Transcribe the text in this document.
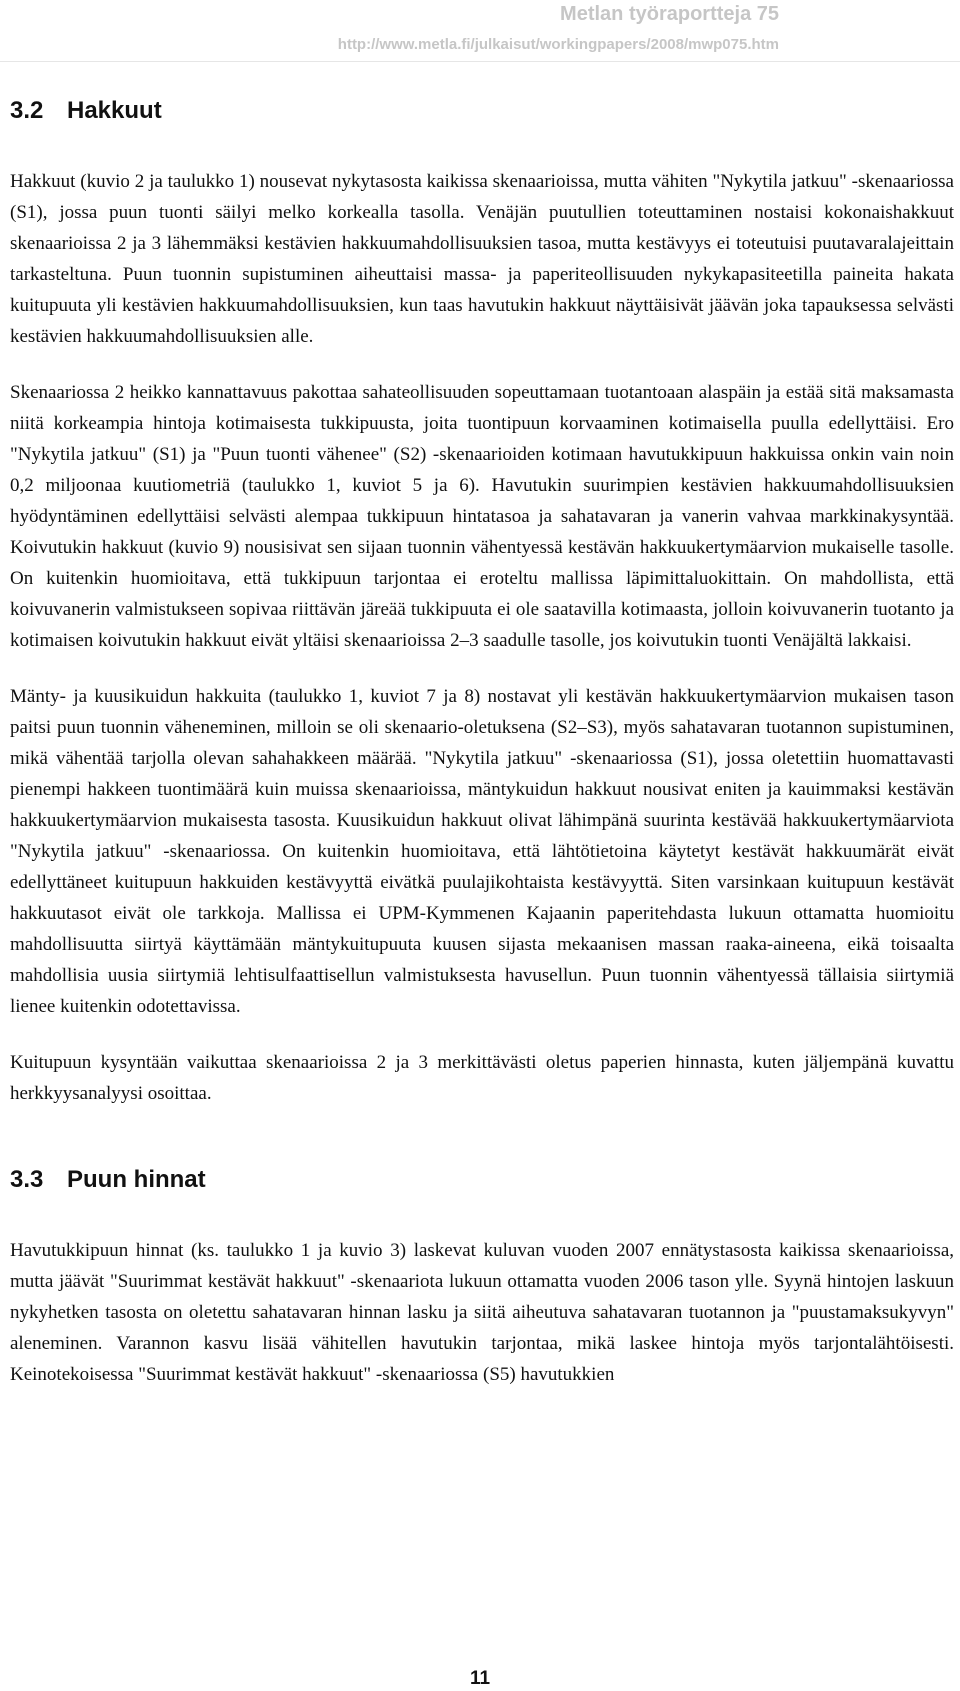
Metlan työraportteja 75
http://www.metla.fi/julkaisut/workingpapers/2008/mwp075.htm
3.2 Hakkuut

Hakkuut (kuvio 2 ja taulukko 1) nousevat nykytasosta kaikissa skenaarioissa, mutta vähiten "Nykytila jatkuu" -skenaariossa (S1), jossa puun tuonti säilyi melko korkealla tasolla. Venäjän puutullien toteuttaminen nostaisi kokonaishakkuut skenaarioissa 2 ja 3 lähemmäksi kestävien hakkuumahdollisuuksien tasoa, mutta kestävyys ei toteutuisi puutavaralajeittain tarkasteltuna. Puun tuonnin supistuminen aiheuttaisi massa- ja paperiteollisuuden nykykapasiteetilla paineita hakata kuitupuuta yli kestävien hakkuumahdollisuuksien, kun taas havutukin hakkuut näyttäisivät jäävän joka tapauksessa selvästi kestävien hakkuumahdollisuuksien alle.

Skenaariossa 2 heikko kannattavuus pakottaa sahateollisuuden sopeuttamaan tuotantoaan alaspäin ja estää sitä maksamasta niitä korkeampia hintoja kotimaisesta tukkipuusta, joita tuontipuun korvaaminen kotimaisella puulla edellyttäisi. Ero "Nykytila jatkuu" (S1) ja "Puun tuonti vähenee" (S2) -skenaarioiden kotimaan havutukkipuun hakkuissa onkin vain noin 0,2 miljoonaa kuutiometriä (taulukko 1, kuviot 5 ja 6). Havutukin suurimpien kestävien hakkuumahdollisuuksien hyödyntäminen edellyttäisi selvästi alempaa tukkipuun hintatasoa ja sahatavaran ja vanerin vahvaa markkinakysyntää. Koivutukin hakkuut (kuvio 9) nousisivat sen sijaan tuonnin vähentyessä kestävän hakkuukertymäarvion mukaiselle tasolle. On kuitenkin huomioitava, että tukkipuun tarjontaa ei eroteltu mallissa läpimittaluokittain. On mahdollista, että koivuvanerin valmistukseen sopivaa riittävän järeää tukkipuuta ei ole saatavilla kotimaasta, jolloin koivuvanerin tuotanto ja kotimaisen koivutukin hakkuut eivät yltäisi skenaarioissa 2–3 saadulle tasolle, jos koivutukin tuonti Venäjältä lakkaisi.

Mänty- ja kuusikuidun hakkuita (taulukko 1, kuviot 7 ja 8) nostavat yli kestävän hakkuukertymäarvion mukaisen tason paitsi puun tuonnin väheneminen, milloin se oli skenaario-oletuksena (S2–S3), myös sahatavaran tuotannon supistuminen, mikä vähentää tarjolla olevan sahahakkeen määrää. "Nykytila jatkuu" -skenaariossa (S1), jossa oletettiin huomattavasti pienempi hakkeen tuontimäärä kuin muissa skenaarioissa, mäntykuidun hakkuut nousivat eniten ja kauimmaksi kestävän hakkuukertymäarvion mukaisesta tasosta. Kuusikuidun hakkuut olivat lähimpänä suurinta kestävää hakkuukertymäarviota "Nykytila jatkuu" -skenaariossa. On kuitenkin huomioitava, että lähtötietoina käytetyt kestävät hakkuumärät eivät edellyttäneet kuitupuun hakkuiden kestävyyttä eivätkä puulajikohtaista kestävyyttä. Siten varsinkaan kuitupuun kestävät hakkuutasot eivät ole tarkkoja. Mallissa ei UPM-Kymmenen Kajaanin paperitehdasta lukuun ottamatta huomioitu mahdollisuutta siirtyä käyttämään mäntykuitupuuta kuusen sijasta mekaanisen massan raaka-aineena, eikä toisaalta mahdollisia uusia siirtymiä lehtisulfaattisellun valmistuksesta havusellun. Puun tuonnin vähentyessä tällaisia siirtymiä lienee kuitenkin odotettavissa.

Kuitupuun kysyntään vaikuttaa skenaarioissa 2 ja 3 merkittävästi oletus paperien hinnasta, kuten jäljempänä kuvattu herkkyysanalyysi osoittaa.

3.3 Puun hinnat

Havutukkipuun hinnat (ks. taulukko 1 ja kuvio 3) laskevat kuluvan vuoden 2007 ennätystasosta kaikissa skenaarioissa, mutta jäävät "Suurimmat kestävät hakkuut" -skenaariota lukuun ottamatta vuoden 2006 tason ylle. Syynä hintojen laskuun nykyhetken tasosta on oletettu sahatavaran hinnan lasku ja siitä aiheutuva sahatavaran tuotannon ja "puustamaksukyvyn" aleneminen. Varannon kasvu lisää vähitellen havutukin tarjontaa, mikä laskee hintoja myös tarjontalähtöisesti. Keinotekoisessa "Suurimmat kestävät hakkuut" -skenaariossa (S5) havutukkien

11
